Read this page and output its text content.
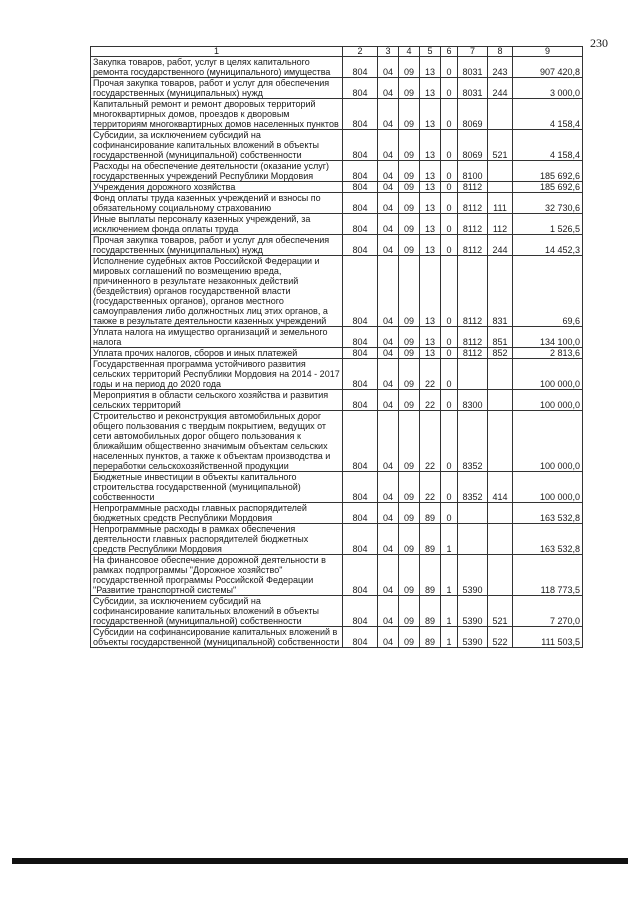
230
1	2	3	4	5	6	7	8	9
Закупка товаров, работ, услуг в целях капитального ремонта государственного (муниципального) имущества	804	04	09	13	0	8031	243	907 420,8
Прочая закупка товаров, работ и услуг для обеспечения государственных (муниципальных) нужд	804	04	09	13	0	8031	244	3 000,0
Капитальный ремонт и ремонт дворовых территорий многоквартирных домов, проездов к дворовым территориям многоквартирных домов населенных пунктов	804	04	09	13	0	8069		4 158,4
Субсидии, за исключением субсидий на софинансирование капитальных вложений в объекты государственной (муниципальной) собственности	804	04	09	13	0	8069	521	4 158,4
Расходы на обеспечение деятельности (оказание услуг) государственных учреждений Республики Мордовия	804	04	09	13	0	8100		185 692,6
Учреждения дорожного хозяйства	804	04	09	13	0	8112		185 692,6
Фонд оплаты труда казенных учреждений и взносы по обязательному социальному страхованию	804	04	09	13	0	8112	111	32 730,6
Иные выплаты персоналу казенных учреждений, за исключением фонда оплаты труда	804	04	09	13	0	8112	112	1 526,5
Прочая закупка товаров, работ и услуг для обеспечения государственных (муниципальных) нужд	804	04	09	13	0	8112	244	14 452,3
Исполнение судебных актов Российской Федерации и мировых соглашений по возмещению вреда, причиненного в результате незаконных действий (бездействия) органов государственной власти (государственных органов), органов местного самоуправления либо должностных лиц этих органов, а также в результате деятельности казенных учреждений	804	04	09	13	0	8112	831	69,6
Уплата налога на имущество организаций и земельного налога	804	04	09	13	0	8112	851	134 100,0
Уплата прочих налогов, сборов и иных платежей	804	04	09	13	0	8112	852	2 813,6
Государственная программа устойчивого развития сельских территорий Республики Мордовия на 2014 - 2017 годы и на период до 2020 года	804	04	09	22	0			100 000,0
Мероприятия в области сельского хозяйства и развития сельских территорий	804	04	09	22	0	8300		100 000,0
Строительство и реконструкция автомобильных дорог общего пользования с твердым покрытием, ведущих от сети автомобильных дорог общего пользования к ближайшим общественно значимым объектам сельских населенных пунктов, а также к объектам производства и переработки сельскохозяйственной продукции	804	04	09	22	0	8352		100 000,0
Бюджетные инвестиции в объекты капитального строительства государственной (муниципальной) собственности	804	04	09	22	0	8352	414	100 000,0
Непрограммные расходы главных распорядителей бюджетных средств Республики Мордовия	804	04	09	89	0			163 532,8
Непрограммные расходы в рамках обеспечения деятельности главных распорядителей бюджетных средств Республики Мордовия	804	04	09	89	1			163 532,8
На финансовое обеспечение дорожной деятельности в рамках подпрограммы "Дорожное хозяйство" государственной программы Российской Федерации "Развитие транспортной системы"	804	04	09	89	1	5390		118 773,5
Субсидии, за исключением субсидий на софинансирование капитальных вложений в объекты государственной (муниципальной) собственности	804	04	09	89	1	5390	521	7 270,0
Субсидии на софинансирование капитальных вложений в объекты государственной (муниципальной) собственности	804	04	09	89	1	5390	522	111 503,5
